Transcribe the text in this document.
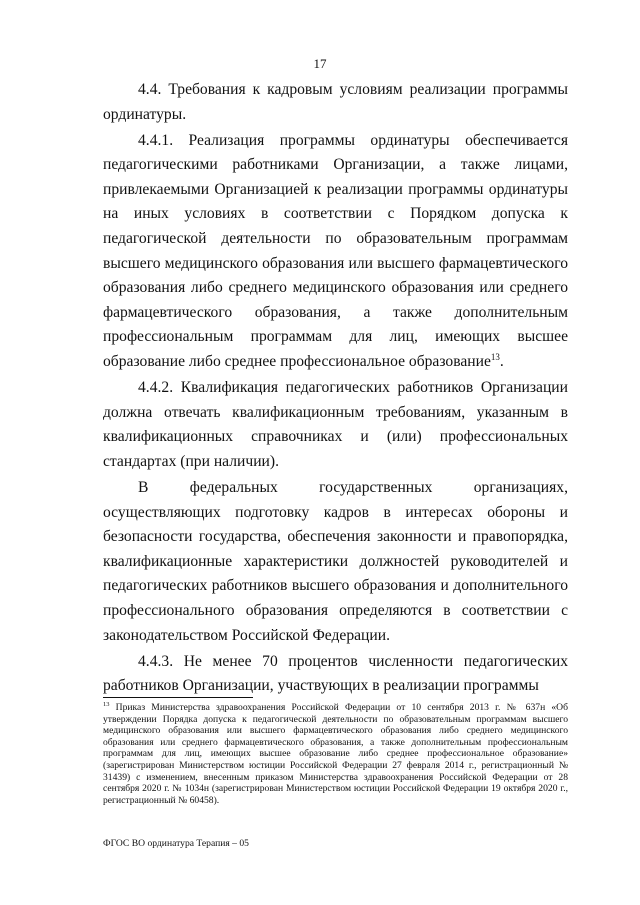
17

4.4. Требования к кадровым условиям реализации программы ординатуры.

4.4.1. Реализация программы ординатуры обеспечивается педагогическими работниками Организации, а также лицами, привлекаемыми Организацией к реализации программы ординатуры на иных условиях в соответствии с Порядком допуска к педагогической деятельности по образовательным программам высшего медицинского образования или высшего фармацевтического образования либо среднего медицинского образования или среднего фармацевтического образования, а также дополнительным профессиональным программам для лиц, имеющих высшее образование либо среднее профессиональное образование$^{13}$.

4.4.2. Квалификация педагогических работников Организации должна отвечать квалификационным требованиям, указанным в квалификационных справочниках и (или) профессиональных стандартах (при наличии).

В федеральных государственных организациях, осуществляющих подготовку кадров в интересах обороны и безопасности государства, обеспечения законности и правопорядка, квалификационные характеристики должностей руководителей и педагогических работников высшего образования и дополнительного профессионального образования определяются в соответствии с законодательством Российской Федерации.

4.4.3. Не менее 70 процентов численности педагогических работников Организации, участвующих в реализации программы

$^{13}$ Приказ Министерства здравоохранения Российской Федерации от 10 сентября 2013 г. № 637н «Об утверждении Порядка допуска к педагогической деятельности по образовательным программам высшего медицинского образования или высшего фармацевтического образования либо среднего медицинского образования или среднего фармацевтического образования, а также дополнительным профессиональным программам для лиц, имеющих высшее образование либо среднее профессиональное образование» (зарегистрирован Министерством юстиции Российской Федерации 27 февраля 2014 г., регистрационный № 31439) с изменением, внесенным приказом Министерства здравоохранения Российской Федерации от 28 сентября 2020 г. № 1034н (зарегистрирован Министерством юстиции Российской Федерации 19 октября 2020 г., регистрационный № 60458).
ФГОС ВО ординатура Терапия – 05
